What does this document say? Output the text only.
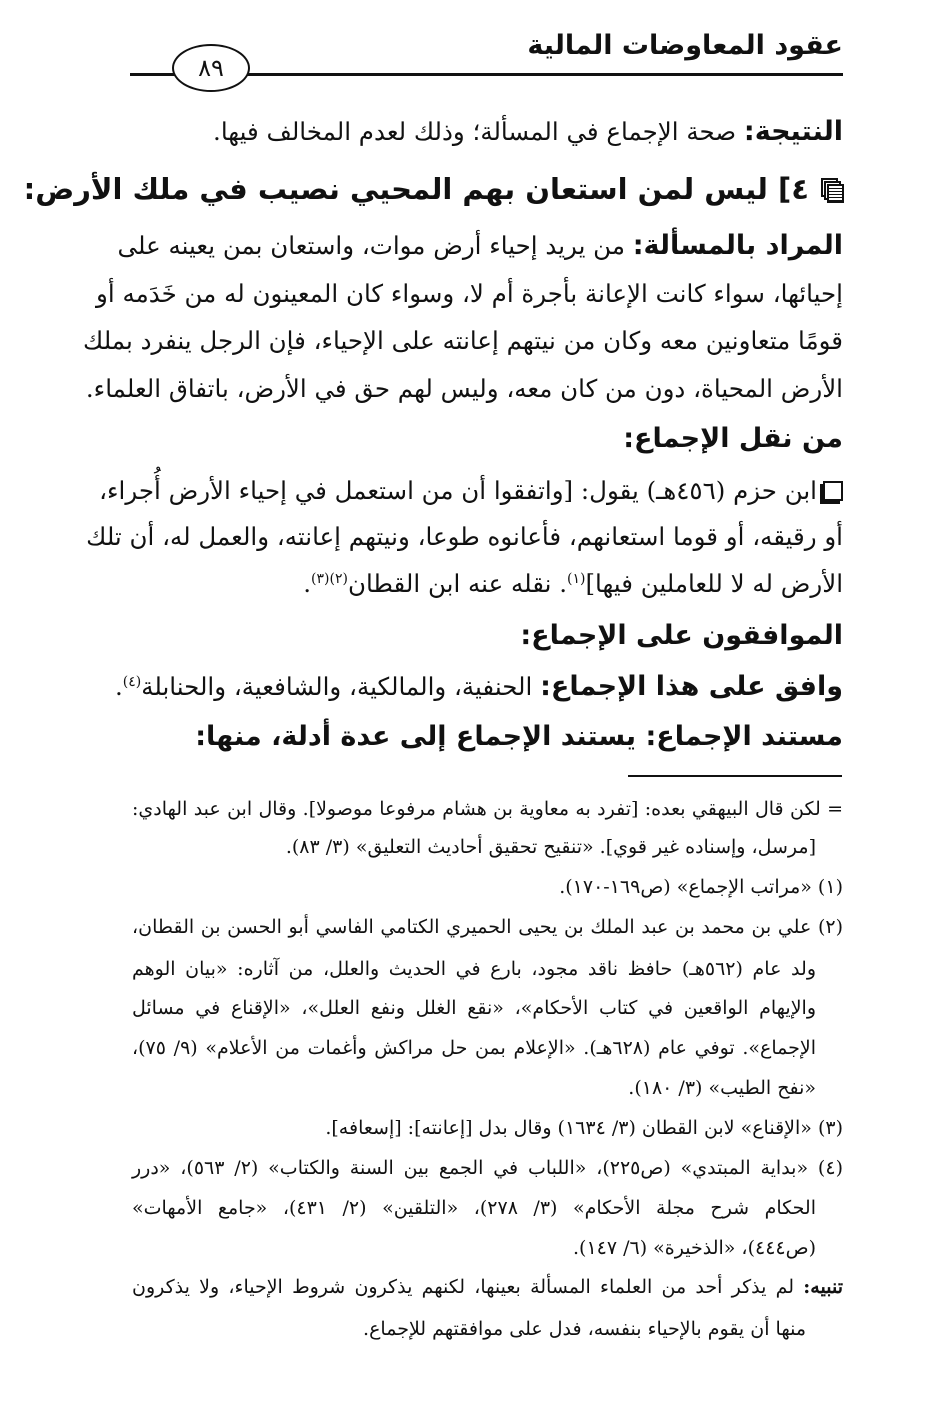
عقود المعاوضات المالية
٨٩
النتيجة: صحة الإجماع في المسألة؛ وذلك لعدم المخالف فيها.
٤] ليس لمن استعان بهم المحيي نصيب في ملك الأرض:
المراد بالمسألة: من يريد إحياء أرض موات، واستعان بمن يعينه على
إحيائها، سواء كانت الإعانة بأجرة أم لا، وسواء كان المعينون له من خَدَمه أو
قومًا متعاونين معه وكان من نيتهم إعانته على الإحياء، فإن الرجل ينفرد بملك
الأرض المحياة، دون من كان معه، وليس لهم حق في الأرض، باتفاق العلماء.
من نقل الإجماع:
ابن حزم (٤٥٦هـ) يقول: [واتفقوا أن من استعمل في إحياء الأرض أُجراء،
أو رقيقه، أو قوما استعانهم، فأعانوه طوعا، ونيتهم إعانته، والعمل له، أن تلك
الأرض له لا للعاملين فيها]$^{(١)}$. نقله عنه ابن القطان$^{(٢)(٣)}$.
الموافقون على الإجماع:
وافق على هذا الإجماع: الحنفية، والمالكية، والشافعية، والحنابلة$^{(٤)}$.
مستند الإجماع: يستند الإجماع إلى عدة أدلة، منها:
= لكن قال البيهقي بعده: [تفرد به معاوية بن هشام مرفوعا موصولا]. وقال ابن عبد الهادي:
[مرسل، وإسناده غير قوي]. «تنقيح تحقيق أحاديث التعليق» (٣/ ٨٣).
(١) «مراتب الإجماع» (ص١٦٩-١٧٠).
(٢) علي بن محمد بن عبد الملك بن يحيى الحميري الكتامي الفاسي أبو الحسن بن القطان،
ولد عام (٥٦٢هـ) حافظ ناقد مجود، بارع في الحديث والعلل، من آثاره: «بيان الوهم
والإيهام الواقعين في كتاب الأحكام»، «نقع الغلل ونفع العلل»، «الإقناع في مسائل
الإجماع». توفي عام (٦٢٨هـ). «الإعلام بمن حل مراكش وأغمات من الأعلام» (٩/ ٧٥)،
«نفح الطيب» (٣/ ١٨٠).
(٣) «الإقناع» لابن القطان (٣/ ١٦٣٤) وقال بدل [إعانته]: [إسعافه].
(٤) «بداية المبتدي» (ص٢٢٥)، «اللباب في الجمع بين السنة والكتاب» (٢/ ٥٦٣)، «درر
الحكام شرح مجلة الأحكام» (٣/ ٢٧٨)، «التلقين» (٢/ ٤٣١)، «جامع الأمهات»
(ص٤٤٤)، «الذخيرة» (٦/ ١٤٧).
تنبيه: لم يذكر أحد من العلماء المسألة بعينها، لكنهم يذكرون شروط الإحياء، ولا يذكرون
منها أن يقوم بالإحياء بنفسه، فدل على موافقتهم للإجماع.
